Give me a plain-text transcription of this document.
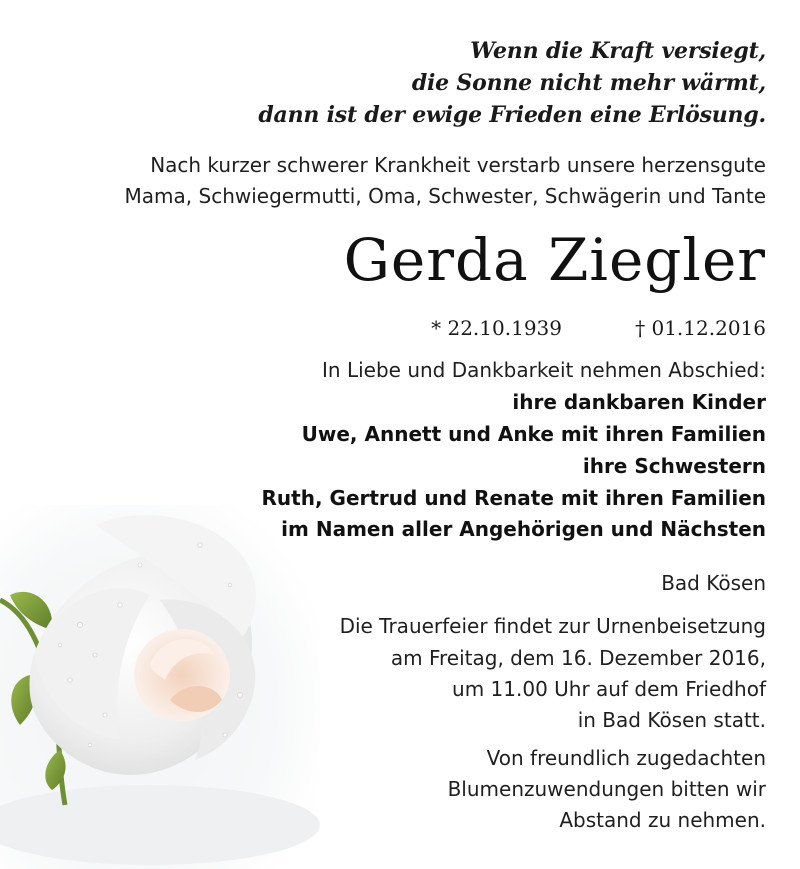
Wenn die Kraft versiegt,
die Sonne nicht mehr wärmt,
dann ist der ewige Frieden eine Erlösung.
Nach kurzer schwerer Krankheit verstarb unsere herzensgute
Mama, Schwiegermutti, Oma, Schwester, Schwägerin und Tante
Gerda Ziegler
* 22.10.1939	† 01.12.2016
In Liebe und Dankbarkeit nehmen Abschied:
ihre dankbaren Kinder
Uwe, Annett und Anke mit ihren Familien
ihre Schwestern
Ruth, Gertrud und Renate mit ihren Familien
im Namen aller Angehörigen und Nächsten
Bad Kösen
Die Trauerfeier findet zur Urnenbeisetzung
am Freitag, dem 16. Dezember 2016,
um 11.00 Uhr auf dem Friedhof
in Bad Kösen statt.
Von freundlich zugedachten
Blumenzuwendungen bitten wir
Abstand zu nehmen.
